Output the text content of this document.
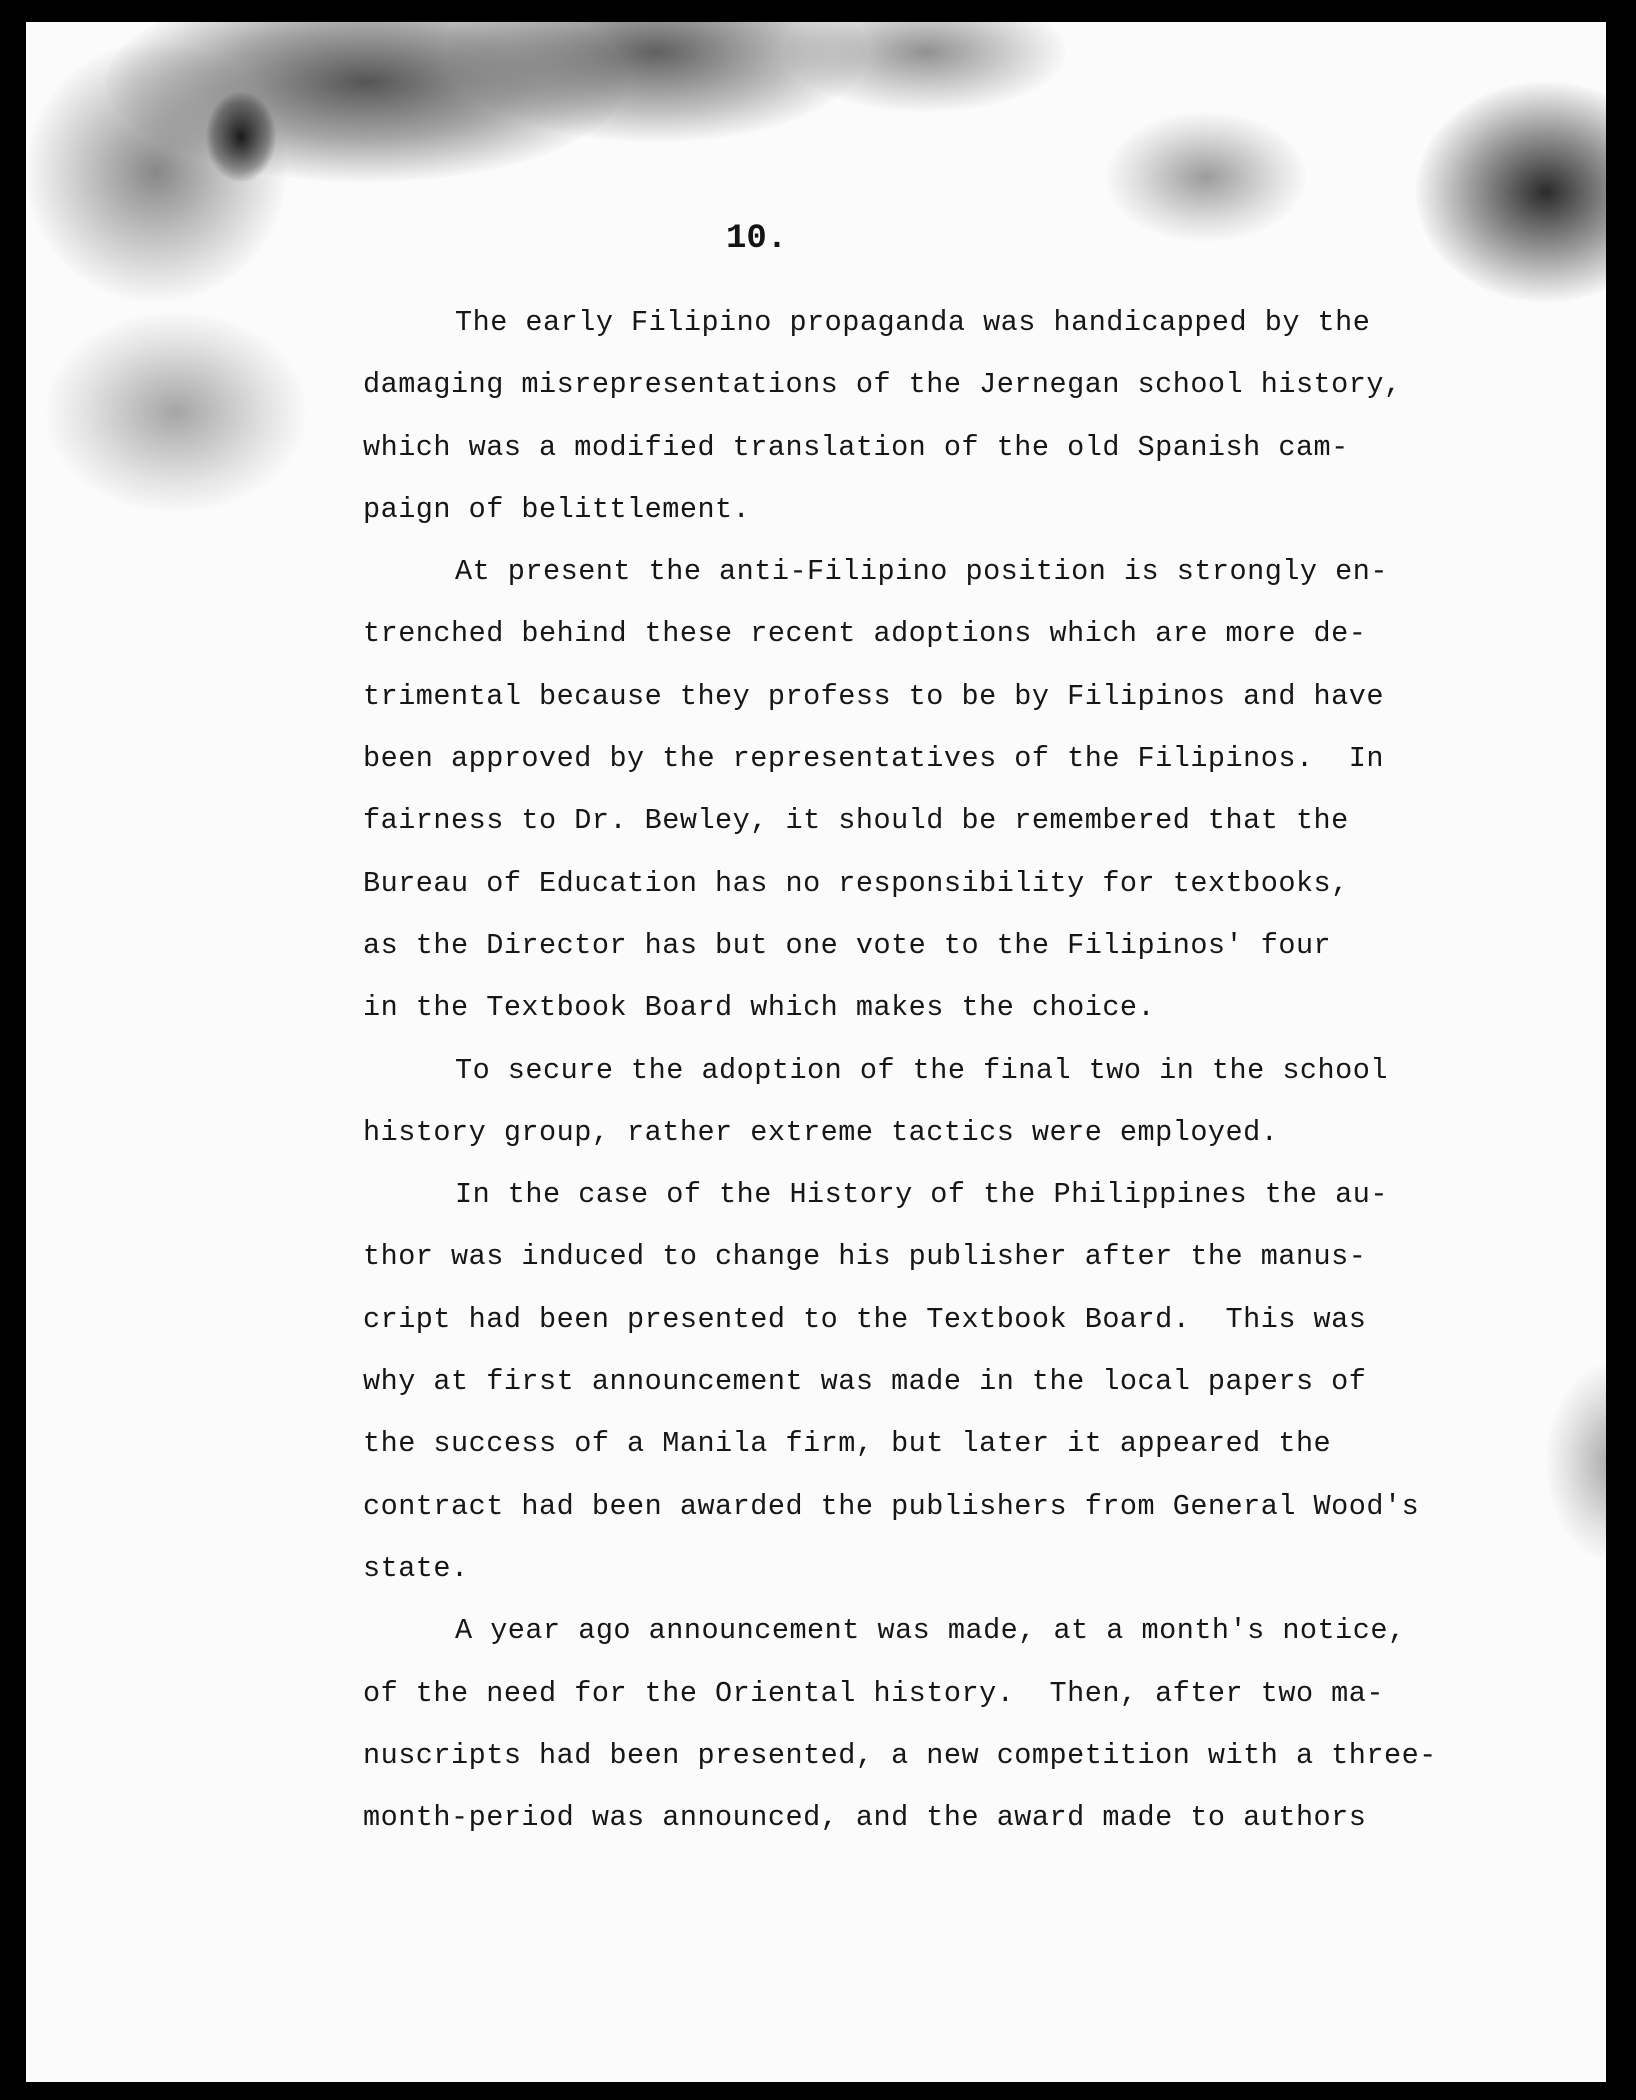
10.
The early Filipino propaganda was handicapped by the
damaging misrepresentations of the Jernegan school history,
which was a modified translation of the old Spanish cam-
paign of belittlement.
At present the anti-Filipino position is strongly en-
trenched behind these recent adoptions which are more de-
trimental because they profess to be by Filipinos and have
been approved by the representatives of the Filipinos.  In
fairness to Dr. Bewley, it should be remembered that the
Bureau of Education has no responsibility for textbooks,
as the Director has but one vote to the Filipinos' four
in the Textbook Board which makes the choice.
To secure the adoption of the final two in the school
history group, rather extreme tactics were employed.
In the case of the History of the Philippines the au-
thor was induced to change his publisher after the manus-
cript had been presented to the Textbook Board.  This was
why at first announcement was made in the local papers of
the success of a Manila firm, but later it appeared the
contract had been awarded the publishers from General Wood's
state.
A year ago announcement was made, at a month's notice,
of the need for the Oriental history.  Then, after two ma-
nuscripts had been presented, a new competition with a three-
month-period was announced, and the award made to authors
